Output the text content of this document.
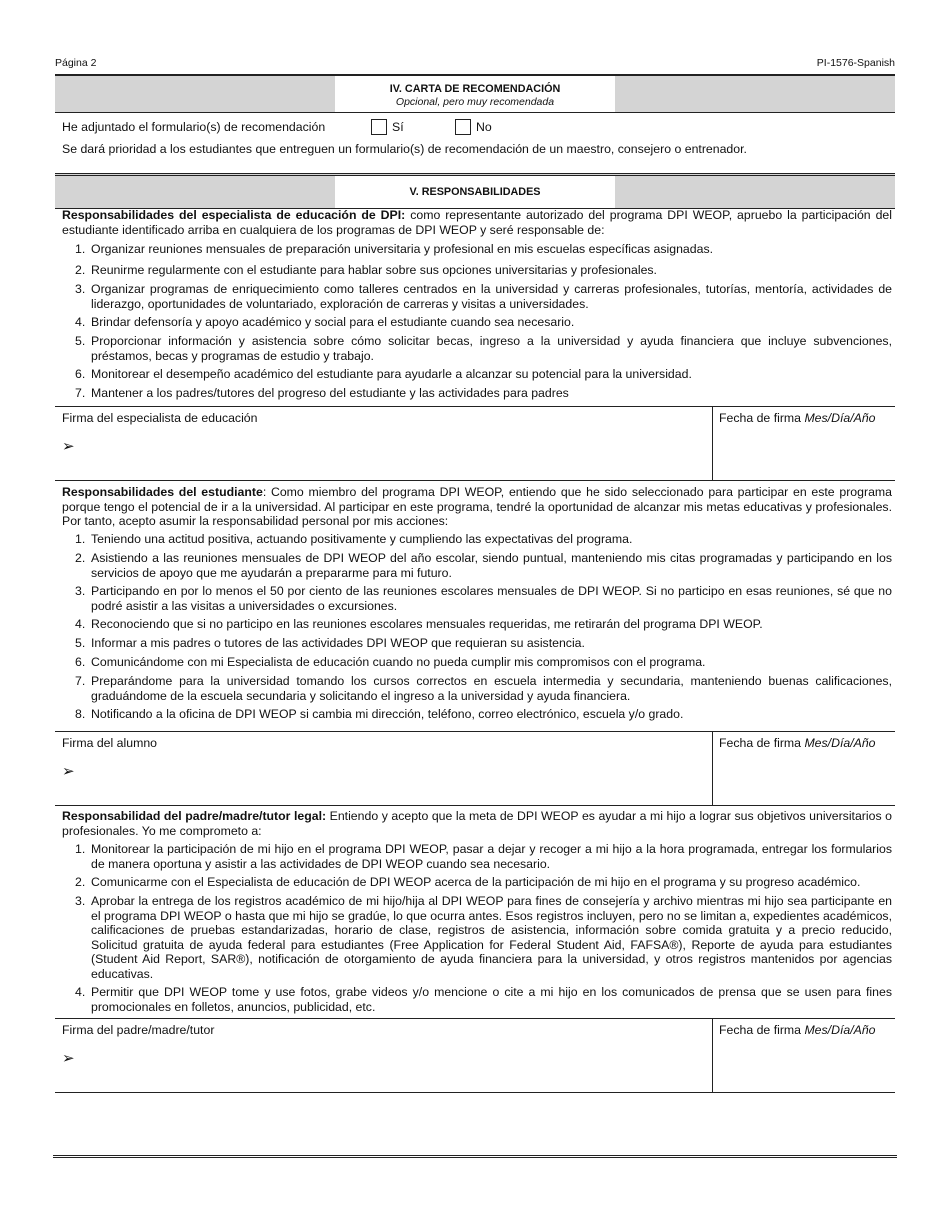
Página 2	PI-1576-Spanish
IV. CARTA DE RECOMENDACIÓN
Opcional, pero muy recomendada
He adjuntado el formulario(s) de recomendación	Sí	No
Se dará prioridad a los estudiantes que entreguen un formulario(s) de recomendación de un maestro, consejero o entrenador.
V. RESPONSABILIDADES
Responsabilidades del especialista de educación de DPI: como representante autorizado del programa DPI WEOP, apruebo la participación del estudiante identificado arriba en cualquiera de los programas de DPI WEOP y seré responsable de:
1. Organizar reuniones mensuales de preparación universitaria y profesional en mis escuelas específicas asignadas.
2. Reunirme regularmente con el estudiante para hablar sobre sus opciones universitarias y profesionales.
3. Organizar programas de enriquecimiento como talleres centrados en la universidad y carreras profesionales, tutorías, mentoría, actividades de liderazgo, oportunidades de voluntariado, exploración de carreras y visitas a universidades.
4. Brindar defensoría y apoyo académico y social para el estudiante cuando sea necesario.
5. Proporcionar información y asistencia sobre cómo solicitar becas, ingreso a la universidad y ayuda financiera que incluye subvenciones, préstamos, becas y programas de estudio y trabajo.
6. Monitorear el desempeño académico del estudiante para ayudarle a alcanzar su potencial para la universidad.
7. Mantener a los padres/tutores del progreso del estudiante y las actividades para padres
Firma del especialista de educación
➢
Fecha de firma Mes/Día/Año
Responsabilidades del estudiante: Como miembro del programa DPI WEOP, entiendo que he sido seleccionado para participar en este programa porque tengo el potencial de ir a la universidad. Al participar en este programa, tendré la oportunidad de alcanzar mis metas educativas y profesionales. Por tanto, acepto asumir la responsabilidad personal por mis acciones:
1. Teniendo una actitud positiva, actuando positivamente y cumpliendo las expectativas del programa.
2. Asistiendo a las reuniones mensuales de DPI WEOP del año escolar, siendo puntual, manteniendo mis citas programadas y participando en los servicios de apoyo que me ayudarán a prepararme para mi futuro.
3. Participando en por lo menos el 50 por ciento de las reuniones escolares mensuales de DPI WEOP. Si no participo en esas reuniones, sé que no podré asistir a las visitas a universidades o excursiones.
4. Reconociendo que si no participo en las reuniones escolares mensuales requeridas, me retirarán del programa DPI WEOP.
5. Informar a mis padres o tutores de las actividades DPI WEOP que requieran su asistencia.
6. Comunicándome con mi Especialista de educación cuando no pueda cumplir mis compromisos con el programa.
7. Preparándome para la universidad tomando los cursos correctos en escuela intermedia y secundaria, manteniendo buenas calificaciones, graduándome de la escuela secundaria y solicitando el ingreso a la universidad y ayuda financiera.
8. Notificando a la oficina de DPI WEOP si cambia mi dirección, teléfono, correo electrónico, escuela y/o grado.
Firma del alumno
➢
Fecha de firma Mes/Día/Año
Responsabilidad del padre/madre/tutor legal: Entiendo y acepto que la meta de DPI WEOP es ayudar a mi hijo a lograr sus objetivos universitarios o profesionales. Yo me comprometo a:
1. Monitorear la participación de mi hijo en el programa DPI WEOP, pasar a dejar y recoger a mi hijo a la hora programada, entregar los formularios de manera oportuna y asistir a las actividades de DPI WEOP cuando sea necesario.
2. Comunicarme con el Especialista de educación de DPI WEOP acerca de la participación de mi hijo en el programa y su progreso académico.
3. Aprobar la entrega de los registros académico de mi hijo/hija al DPI WEOP para fines de consejería y archivo mientras mi hijo sea participante en el programa DPI WEOP o hasta que mi hijo se gradúe, lo que ocurra antes. Esos registros incluyen, pero no se limitan a, expedientes académicos, calificaciones de pruebas estandarizadas, horario de clase, registros de asistencia, información sobre comida gratuita y a precio reducido, Solicitud gratuita de ayuda federal para estudiantes (Free Application for Federal Student Aid, FAFSA®), Reporte de ayuda para estudiantes (Student Aid Report, SAR®), notificación de otorgamiento de ayuda financiera para la universidad, y otros registros mantenidos por agencias educativas.
4. Permitir que DPI WEOP tome y use fotos, grabe videos y/o mencione o cite a mi hijo en los comunicados de prensa que se usen para fines promocionales en folletos, anuncios, publicidad, etc.
Firma del padre/madre/tutor
➢
Fecha de firma Mes/Día/Año
